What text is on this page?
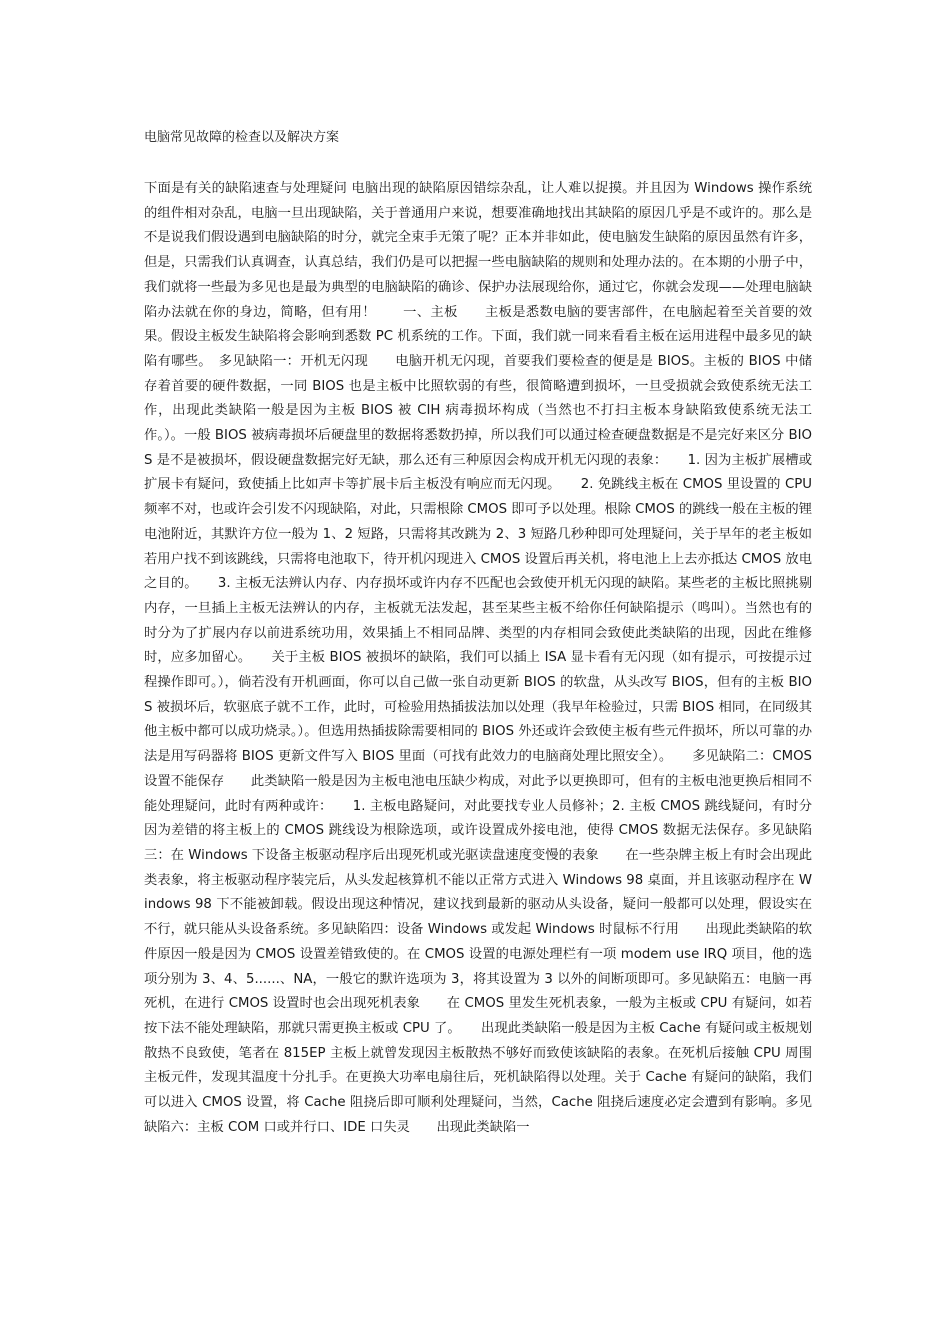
电脑常见故障的检查以及解决方案

下面是有关的缺陷速查与处理疑问 电脑出现的缺陷原因错综杂乱，让人难以捉摸。并且因为 Windows 操作系统的组件相对杂乱，电脑一旦出现缺陷，关于普通用户来说，想要准确地找出其缺陷的原因几乎是不或许的。那么是不是说我们假设遇到电脑缺陷的时分，就完全束手无策了呢？正本并非如此，使电脑发生缺陷的原因虽然有许多，但是，只需我们认真调查，认真总结，我们仍是可以把握一些电脑缺陷的规则和处理办法的。在本期的小册子中，我们就将一些最为多见也是最为典型的电脑缺陷的确诊、保护办法展现给你，通过它，你就会发现——处理电脑缺陷办法就在你的身边，简略，但有用！　　一、主板　　主板是悉数电脑的要害部件，在电脑起着至关首要的效果。假设主板发生缺陷将会影响到悉数 PC 机系统的工作。下面，我们就一同来看看主板在运用进程中最多见的缺陷有哪些。　多见缺陷一：开机无闪现　　电脑开机无闪现，首要我们要检查的便是是 BIOS。主板的 BIOS 中储存着首要的硬件数据，一同 BIOS 也是主板中比照软弱的有些，很简略遭到损坏，一旦受损就会致使系统无法工作，出现此类缺陷一般是因为主板 BIOS 被 CIH 病毒损坏构成（当然也不打扫主板本身缺陷致使系统无法工作。）。一般 BIOS 被病毒损坏后硬盘里的数据将悉数扔掉，所以我们可以通过检查硬盘数据是不是完好来区分 BIOS 是不是被损坏，假设硬盘数据完好无缺，那么还有三种原因会构成开机无闪现的表象：　　1. 因为主板扩展槽或扩展卡有疑问，致使插上比如声卡等扩展卡后主板没有响应而无闪现。　　2. 免跳线主板在 CMOS 里设置的 CPU 频率不对，也或许会引发不闪现缺陷，对此，只需根除 CMOS 即可予以处理。根除 CMOS 的跳线一般在主板的锂电池附近，其默许方位一般为 1、2 短路，只需将其改跳为 2、3 短路几秒种即可处理疑问，关于早年的老主板如若用户找不到该跳线，只需将电池取下，待开机闪现进入 CMOS 设置后再关机，将电池上上去亦抵达 CMOS 放电之目的。　　3. 主板无法辨认内存、内存损坏或许内存不匹配也会致使开机无闪现的缺陷。某些老的主板比照挑剔内存，一旦插上主板无法辨认的内存，主板就无法发起，甚至某些主板不给你任何缺陷提示（鸣叫）。当然也有的时分为了扩展内存以前进系统功用，效果插上不相同品牌、类型的内存相同会致使此类缺陷的出现，因此在维修时，应多加留心。　　关于主板 BIOS 被损坏的缺陷，我们可以插上 ISA 显卡看有无闪现（如有提示，可按提示过程操作即可。），倘若没有开机画面，你可以自己做一张自动更新 BIOS 的软盘，从头改写 BIOS，但有的主板 BIOS 被损坏后，软驱底子就不工作，此时，可检验用热插拔法加以处理（我早年检验过，只需 BIOS 相同，在同级其他主板中都可以成功烧录。）。但选用热插拔除需要相同的 BIOS 外还或许会致使主板有些元件损坏，所以可靠的办法是用写码器将 BIOS 更新文件写入 BIOS 里面（可找有此效力的电脑商处理比照安全）。　　多见缺陷二：CMOS 设置不能保存　　此类缺陷一般是因为主板电池电压缺少构成，对此予以更换即可，但有的主板电池更换后相同不能处理疑问，此时有两种或许：　　1. 主板电路疑问，对此要找专业人员修补；2. 主板 CMOS 跳线疑问，有时分因为差错的将主板上的 CMOS 跳线设为根除选项，或许设置成外接电池，使得 CMOS 数据无法保存。多见缺陷三：在 Windows 下设备主板驱动程序后出现死机或光驱读盘速度变慢的表象　　在一些杂牌主板上有时会出现此类表象，将主板驱动程序装完后，从头发起核算机不能以正常方式进入 Windows 98 桌面，并且该驱动程序在 Windows 98 下不能被卸载。假设出现这种情况，建议找到最新的驱动从头设备，疑问一般都可以处理，假设实在不行，就只能从头设备系统。多见缺陷四：设备 Windows 或发起 Windows 时鼠标不行用　　出现此类缺陷的软件原因一般是因为 CMOS 设置差错致使的。在 CMOS 设置的电源处理栏有一项 modem use IRQ 项目，他的选项分别为 3、4、5......、NA，一般它的默许选项为 3，将其设置为 3 以外的间断项即可。多见缺陷五：电脑一再死机，在进行 CMOS 设置时也会出现死机表象　　在 CMOS 里发生死机表象，一般为主板或 CPU 有疑问，如若按下法不能处理缺陷，那就只需更换主板或 CPU 了。　　出现此类缺陷一般是因为主板 Cache 有疑问或主板规划散热不良致使，笔者在 815EP 主板上就曾发现因主板散热不够好而致使该缺陷的表象。在死机后接触 CPU 周围主板元件，发现其温度十分扎手。在更换大功率电扇往后，死机缺陷得以处理。关于 Cache 有疑问的缺陷，我们可以进入 CMOS 设置，将 Cache 阻挠后即可顺利处理疑问，当然，Cache 阻挠后速度必定会遭到有影响。多见缺陷六：主板 COM 口或并行口、IDE 口失灵　　出现此类缺陷一
